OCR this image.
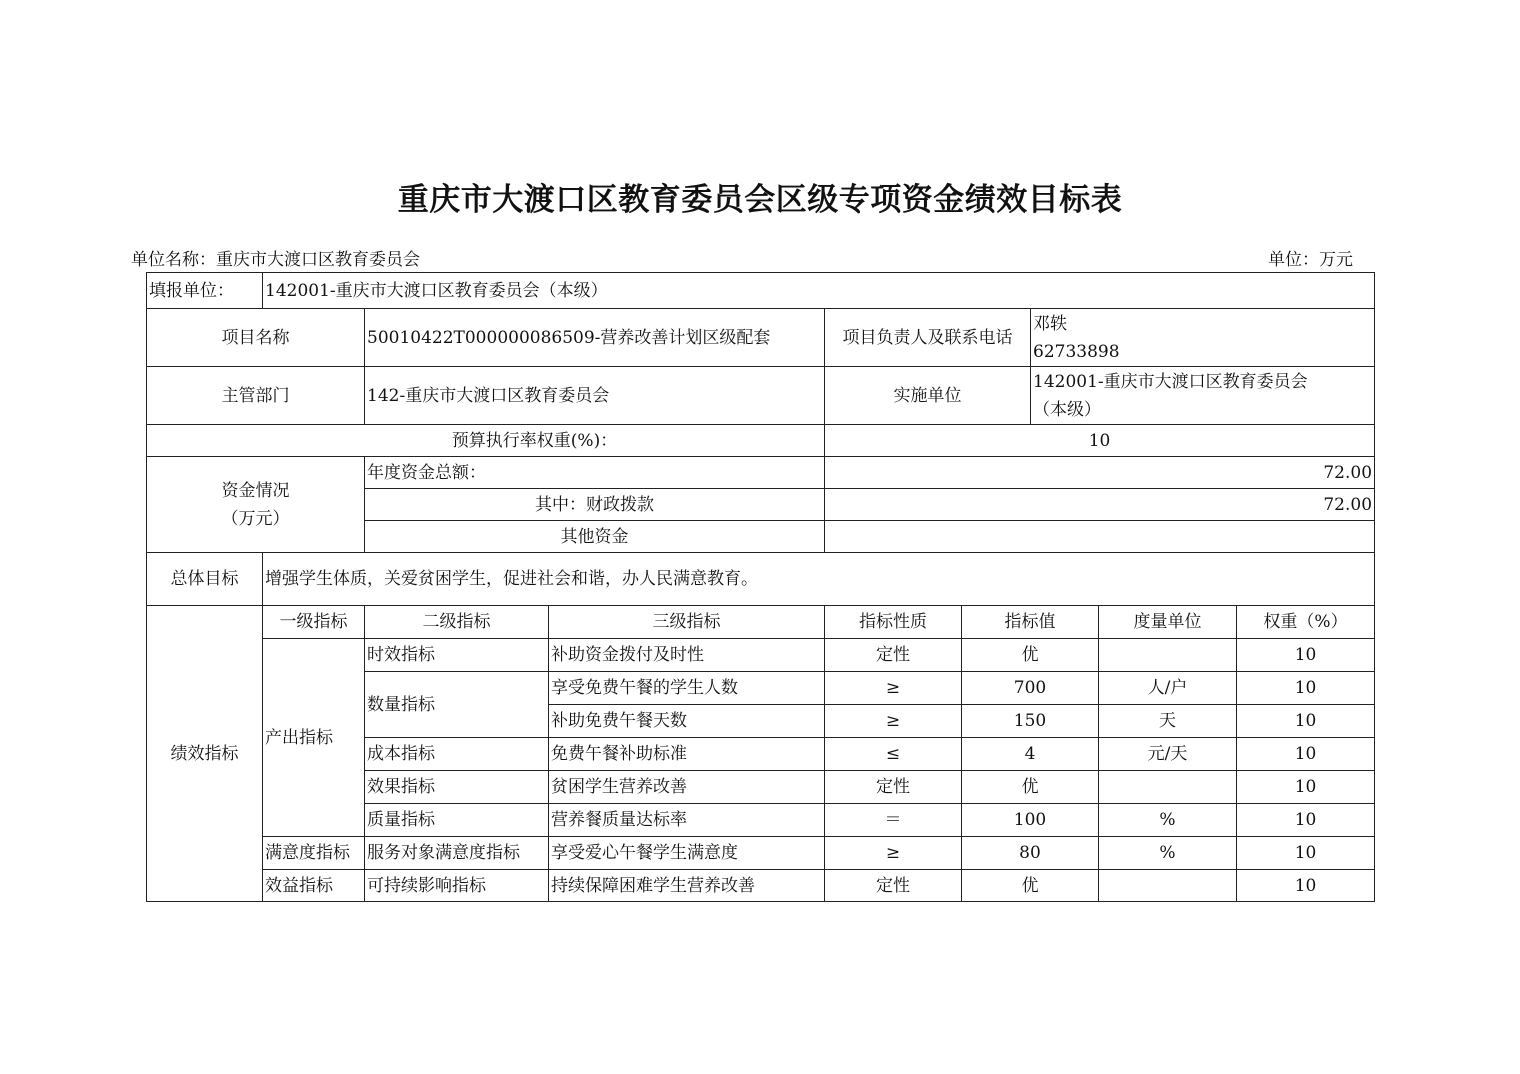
重庆市大渡口区教育委员会区级专项资金绩效目标表
单位名称：重庆市大渡口区教育委员会	单位：万元
填报单位：	142001-重庆市大渡口区教育委员会（本级）							
项目名称		50010422T000000086509-营养改善计划区级配套		项目负责人及联系电话		邓轶
62733898		

主管部门		142-重庆市大渡口区教育委员会		实施单位		142001-重庆市大渡口区教育委员会
（本级）		

预算执行率权重(%)：				10				

资金情况
（万元）		年度资金总额：		72.00				
		其中：财政拨款		72.00				
		其他资金						
总体目标	增强学生体质，关爱贫困学生，促进社会和谐，办人民满意教育。							
绩效指标	一级指标	二级指标	三级指标	指标性质	指标值		度量单位	权重（%）
	产出指标	时效指标	补助资金拨付及时性	定性	优			10
		数量指标	享受免费午餐的学生人数	≥	700		人/户	10
			补助免费午餐天数	≥	150		天	10
		成本指标	免费午餐补助标准	≤	4		元/天	10
		效果指标	贫困学生营养改善	定性	优			10
		质量指标	营养餐质量达标率	＝	100		%	10
	满意度指标	服务对象满意度指标	享受爱心午餐学生满意度	≥	80		%	10
	效益指标	可持续影响指标	持续保障困难学生营养改善	定性	优			10
